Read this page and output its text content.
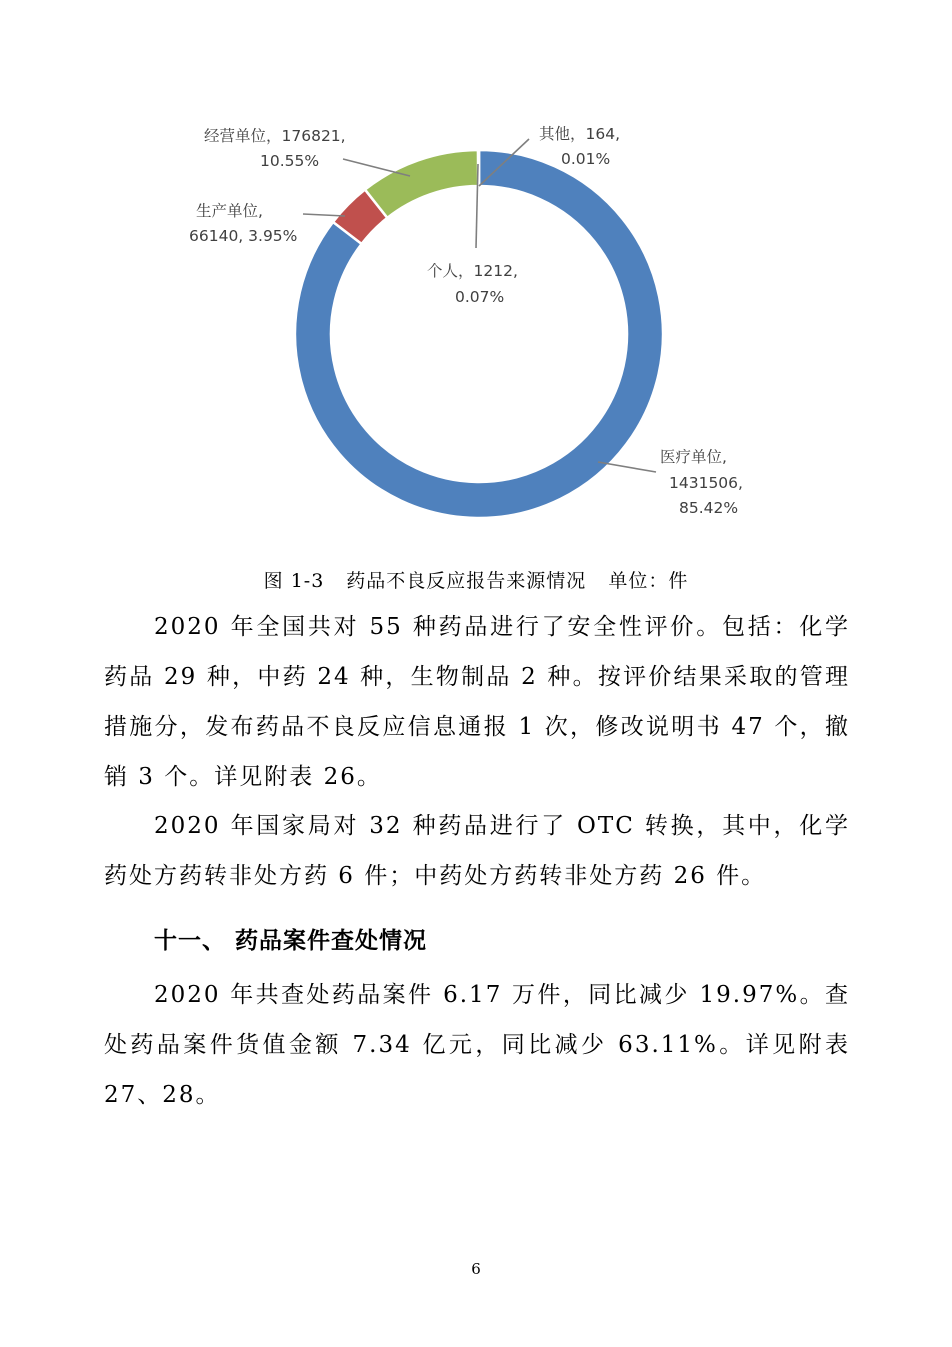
医疗单位,
1431506,
85.42%
生产单位,
66140, 3.95%
经营单位，176821,
10.55%
其他，164,
0.01%
个人，1212,
0.07%
图 1-3 药品不良反应报告来源情况 单位：件

2020 年全国共对 55 种药品进行了安全性评价。包括：化学药品 29 种，中药 24 种，生物制品 2 种。按评价结果采取的管理措施分，发布药品不良反应信息通报 1 次，修改说明书 47 个，撤销 3 个。详见附表 26。

2020 年国家局对 32 种药品进行了 OTC 转换，其中，化学药处方药转非处方药 6 件；中药处方药转非处方药 26 件。

十一、 药品案件查处情况

2020 年共查处药品案件 6.17 万件，同比减少 19.97%。查处药品案件货值金额 7.34 亿元，同比减少 63.11%。详见附表 27、28。

6
